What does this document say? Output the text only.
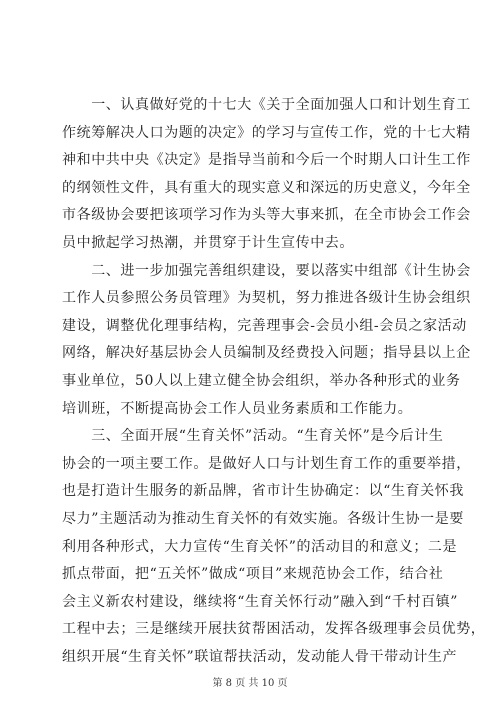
　　一、认真做好党的十七大《关于全面加强人口和计划生育工
作统筹解决人口为题的决定》的学习与宣传工作，党的十七大精
神和中共中央《决定》是指导当前和今后一个时期人口计生工作
的纲领性文件，具有重大的现实意义和深远的历史意义，今年全
市各级协会要把该项学习作为头等大事来抓，在全市协会工作会
员中掀起学习热潮，并贯穿于计生宣传中去。
　　二、进一步加强完善组织建设，要以落实中组部《计生协会
工作人员参照公务员管理》为契机，努力推进各级计生协会组织
建设，调整优化理事结构，完善理事会-会员小组-会员之家活动
网络，解决好基层协会人员编制及经费投入问题；指导县以上企
事业单位，50人以上建立健全协会组织，举办各种形式的业务
培训班，不断提高协会工作人员业务素质和工作能力。
　　三、全面开展“生育关怀”活动。“生育关怀”是今后计生
协会的一项主要工作。是做好人口与计划生育工作的重要举措，
也是打造计生服务的新品牌，省市计生协确定：以“生育关怀我
尽力”主题活动为推动生育关怀的有效实施。各级计生协一是要
利用各种形式，大力宣传“生育关怀”的活动目的和意义；二是
抓点带面，把“五关怀”做成“项目”来规范协会工作，结合社
会主义新农村建设，继续将“生育关怀行动”融入到“千村百镇”
工程中去；三是继续开展扶贫帮困活动，发挥各级理事会员优势，
组织开展“生育关怀”联谊帮扶活动，发动能人骨干带动计生产
第 8 页 共 10 页
